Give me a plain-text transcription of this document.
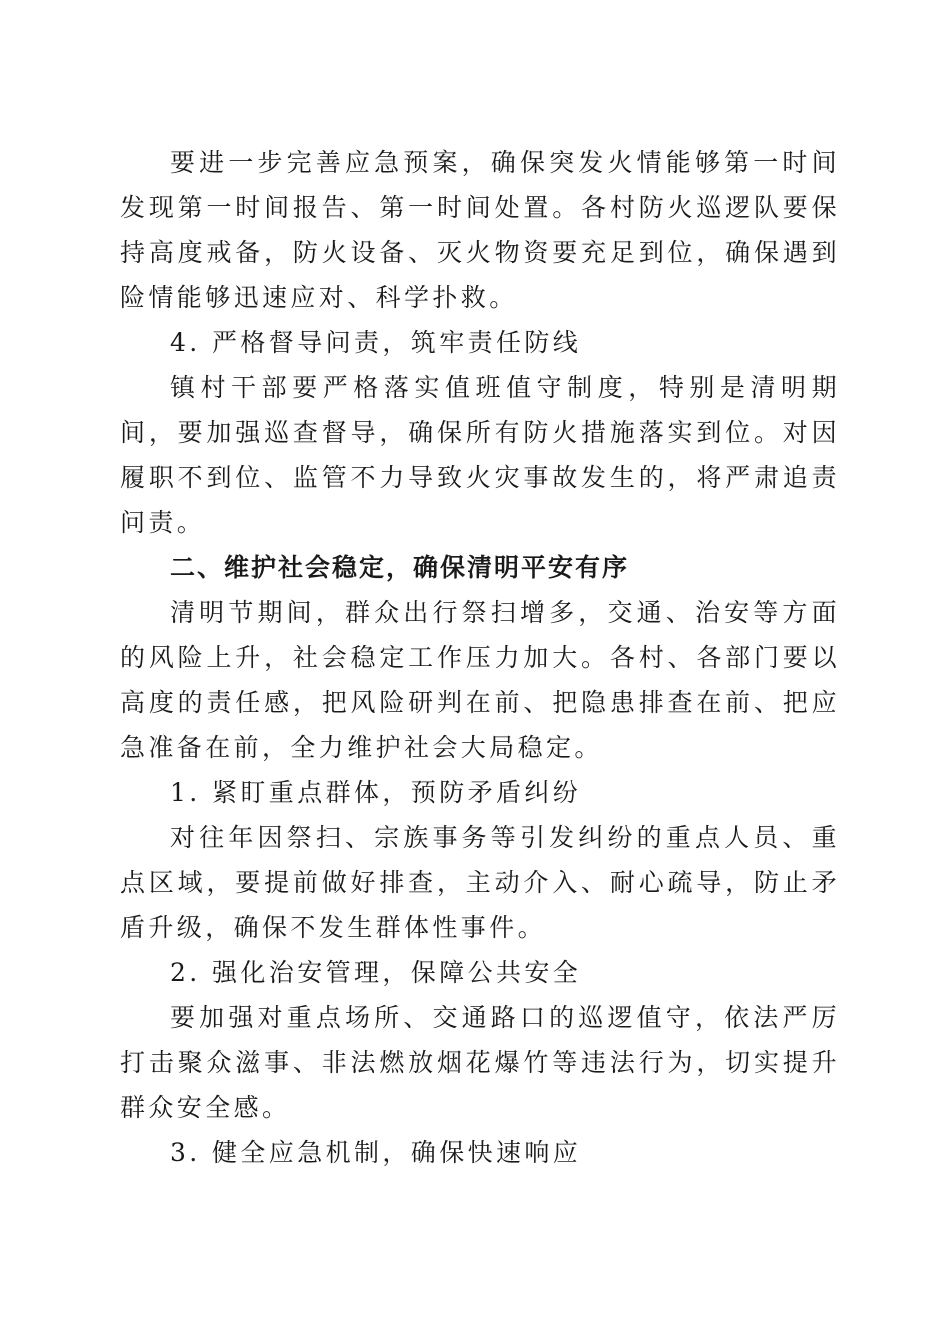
要进一步完善应急预案，确保突发火情能够第一时间发现第一时间报告、第一时间处置。各村防火巡逻队要保持高度戒备，防火设备、灭火物资要充足到位，确保遇到险情能够迅速应对、科学扑救。

4. 严格督导问责，筑牢责任防线

镇村干部要严格落实值班值守制度，特别是清明期间，要加强巡查督导，确保所有防火措施落实到位。对因履职不到位、监管不力导致火灾事故发生的，将严肃追责问责。

二、维护社会稳定，确保清明平安有序

清明节期间，群众出行祭扫增多，交通、治安等方面的风险上升，社会稳定工作压力加大。各村、各部门要以高度的责任感，把风险研判在前、把隐患排查在前、把应急准备在前，全力维护社会大局稳定。

1. 紧盯重点群体，预防矛盾纠纷

对往年因祭扫、宗族事务等引发纠纷的重点人员、重点区域，要提前做好排查，主动介入、耐心疏导，防止矛盾升级，确保不发生群体性事件。

2. 强化治安管理，保障公共安全

要加强对重点场所、交通路口的巡逻值守，依法严厉打击聚众滋事、非法燃放烟花爆竹等违法行为，切实提升群众安全感。

3. 健全应急机制，确保快速响应
